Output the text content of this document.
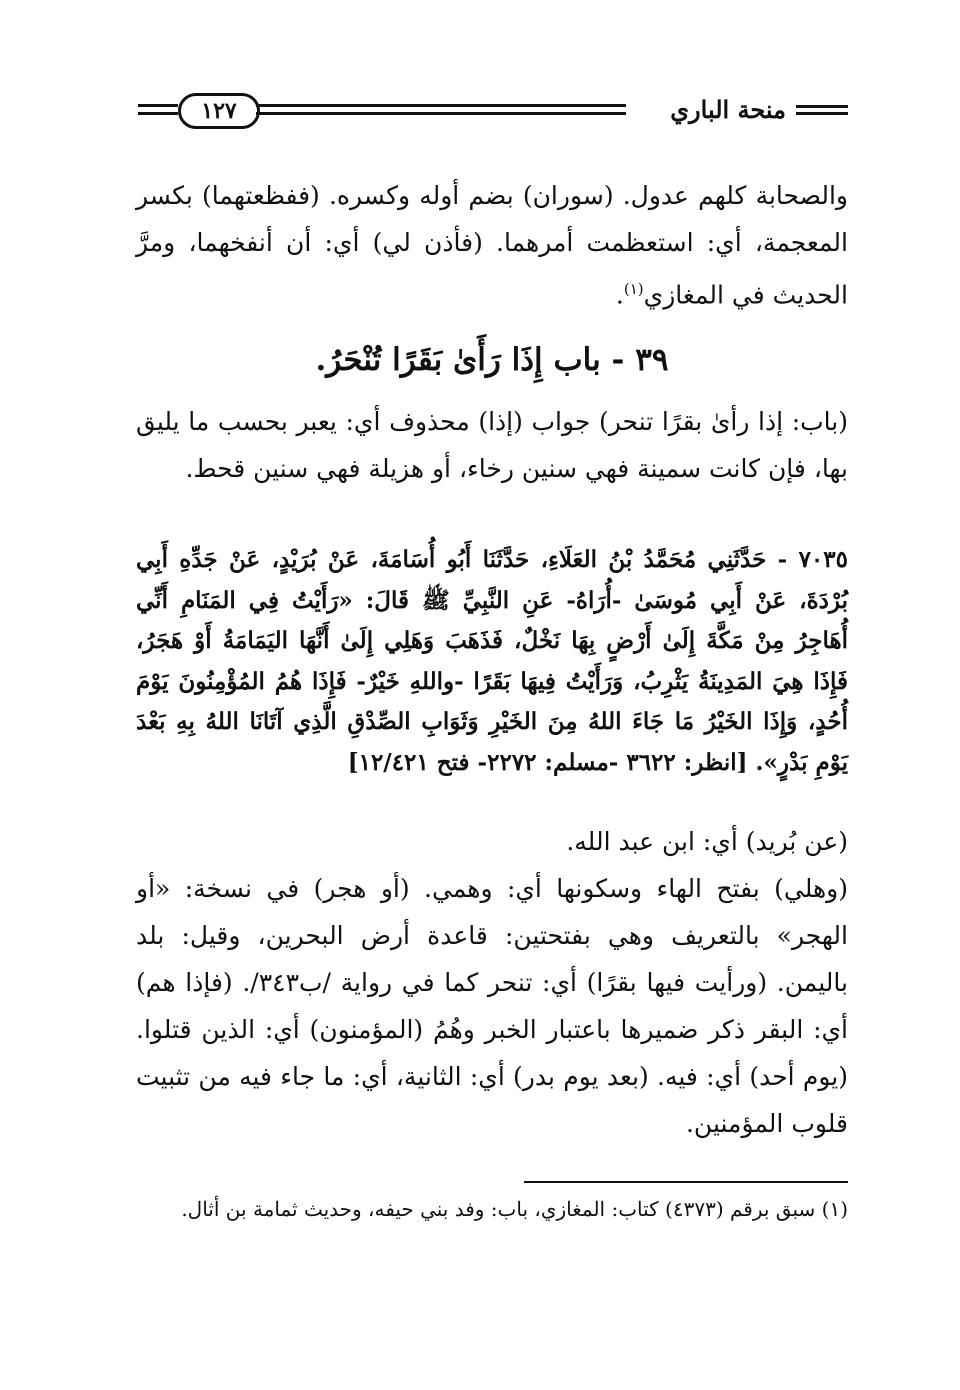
منحة الباري
١٢٧
والصحابة كلهم عدول. (سوران) بضم أوله وكسره. (ففظعتهما) بكسر المعجمة، أي: استعظمت أمرهما. (فأذن لي) أي: أن أنفخهما، ومرَّ الحديث في المغازي$^{(١)}$.
٣٩ - باب إِذَا رَأَىٰ بَقَرًا تُنْحَرُ.
(باب: إذا رأىٰ بقرًا تنحر) جواب (إذا) محذوف أي: يعبر بحسب ما يليق بها، فإن كانت سمينة فهي سنين رخاء، أو هزيلة فهي سنين قحط.
٧٠٣٥ - حَدَّثَنِي مُحَمَّدُ بْنُ العَلَاءِ، حَدَّثَنَا أَبُو أُسَامَةَ، عَنْ بُرَيْدٍ، عَنْ جَدِّهِ أَبِي بُرْدَةَ، عَنْ أَبِي مُوسَىٰ -أُرَاهُ- عَنِ النَّبِيِّ ﷺ قَالَ: «رَأَيْتُ فِي المَنَامِ أَنِّي أُهَاجِرُ مِنْ مَكَّةَ إِلَىٰ أَرْضٍ بِهَا نَخْلٌ، فَذَهَبَ وَهَلِي إِلَىٰ أَنَّهَا اليَمَامَةُ أَوْ هَجَرُ، فَإِذَا هِيَ المَدِينَةُ يَثْرِبُ، وَرَأَيْتُ فِيهَا بَقَرًا -واللهِ خَيْرٌ- فَإِذَا هُمُ المُؤْمِنُونَ يَوْمَ أُحُدٍ، وَإِذَا الخَيْرُ مَا جَاءَ اللهُ مِنَ الخَيْرِ وَثَوَابِ الصِّدْقِ الَّذِي آتَانَا اللهُ بِهِ بَعْدَ يَوْمِ بَدْرٍ». [انظر: ٣٦٢٢ -مسلم: ٢٢٧٢- فتح ١٢/٤٢١]
(عن بُريد) أي: ابن عبد الله.
(وهلي) بفتح الهاء وسكونها أي: وهمي. (أو هجر) في نسخة: «أو الهجر» بالتعريف وهي بفتحتين: قاعدة أرض البحرين، وقيل: بلد باليمن. (ورأيت فيها بقرًا) أي: تنحر كما في رواية /ب٣٤٣/. (فإذا هم) أي: البقر ذكر ضميرها باعتبار الخبر وهُمُ (المؤمنون) أي: الذين قتلوا. (يوم أحد) أي: فيه. (بعد يوم بدر) أي: الثانية، أي: ما جاء فيه من تثبيت قلوب المؤمنين.
(١) سبق برقم (٤٣٧٣) كتاب: المغازي، باب: وفد بني حيفه، وحديث ثمامة بن أثال.
